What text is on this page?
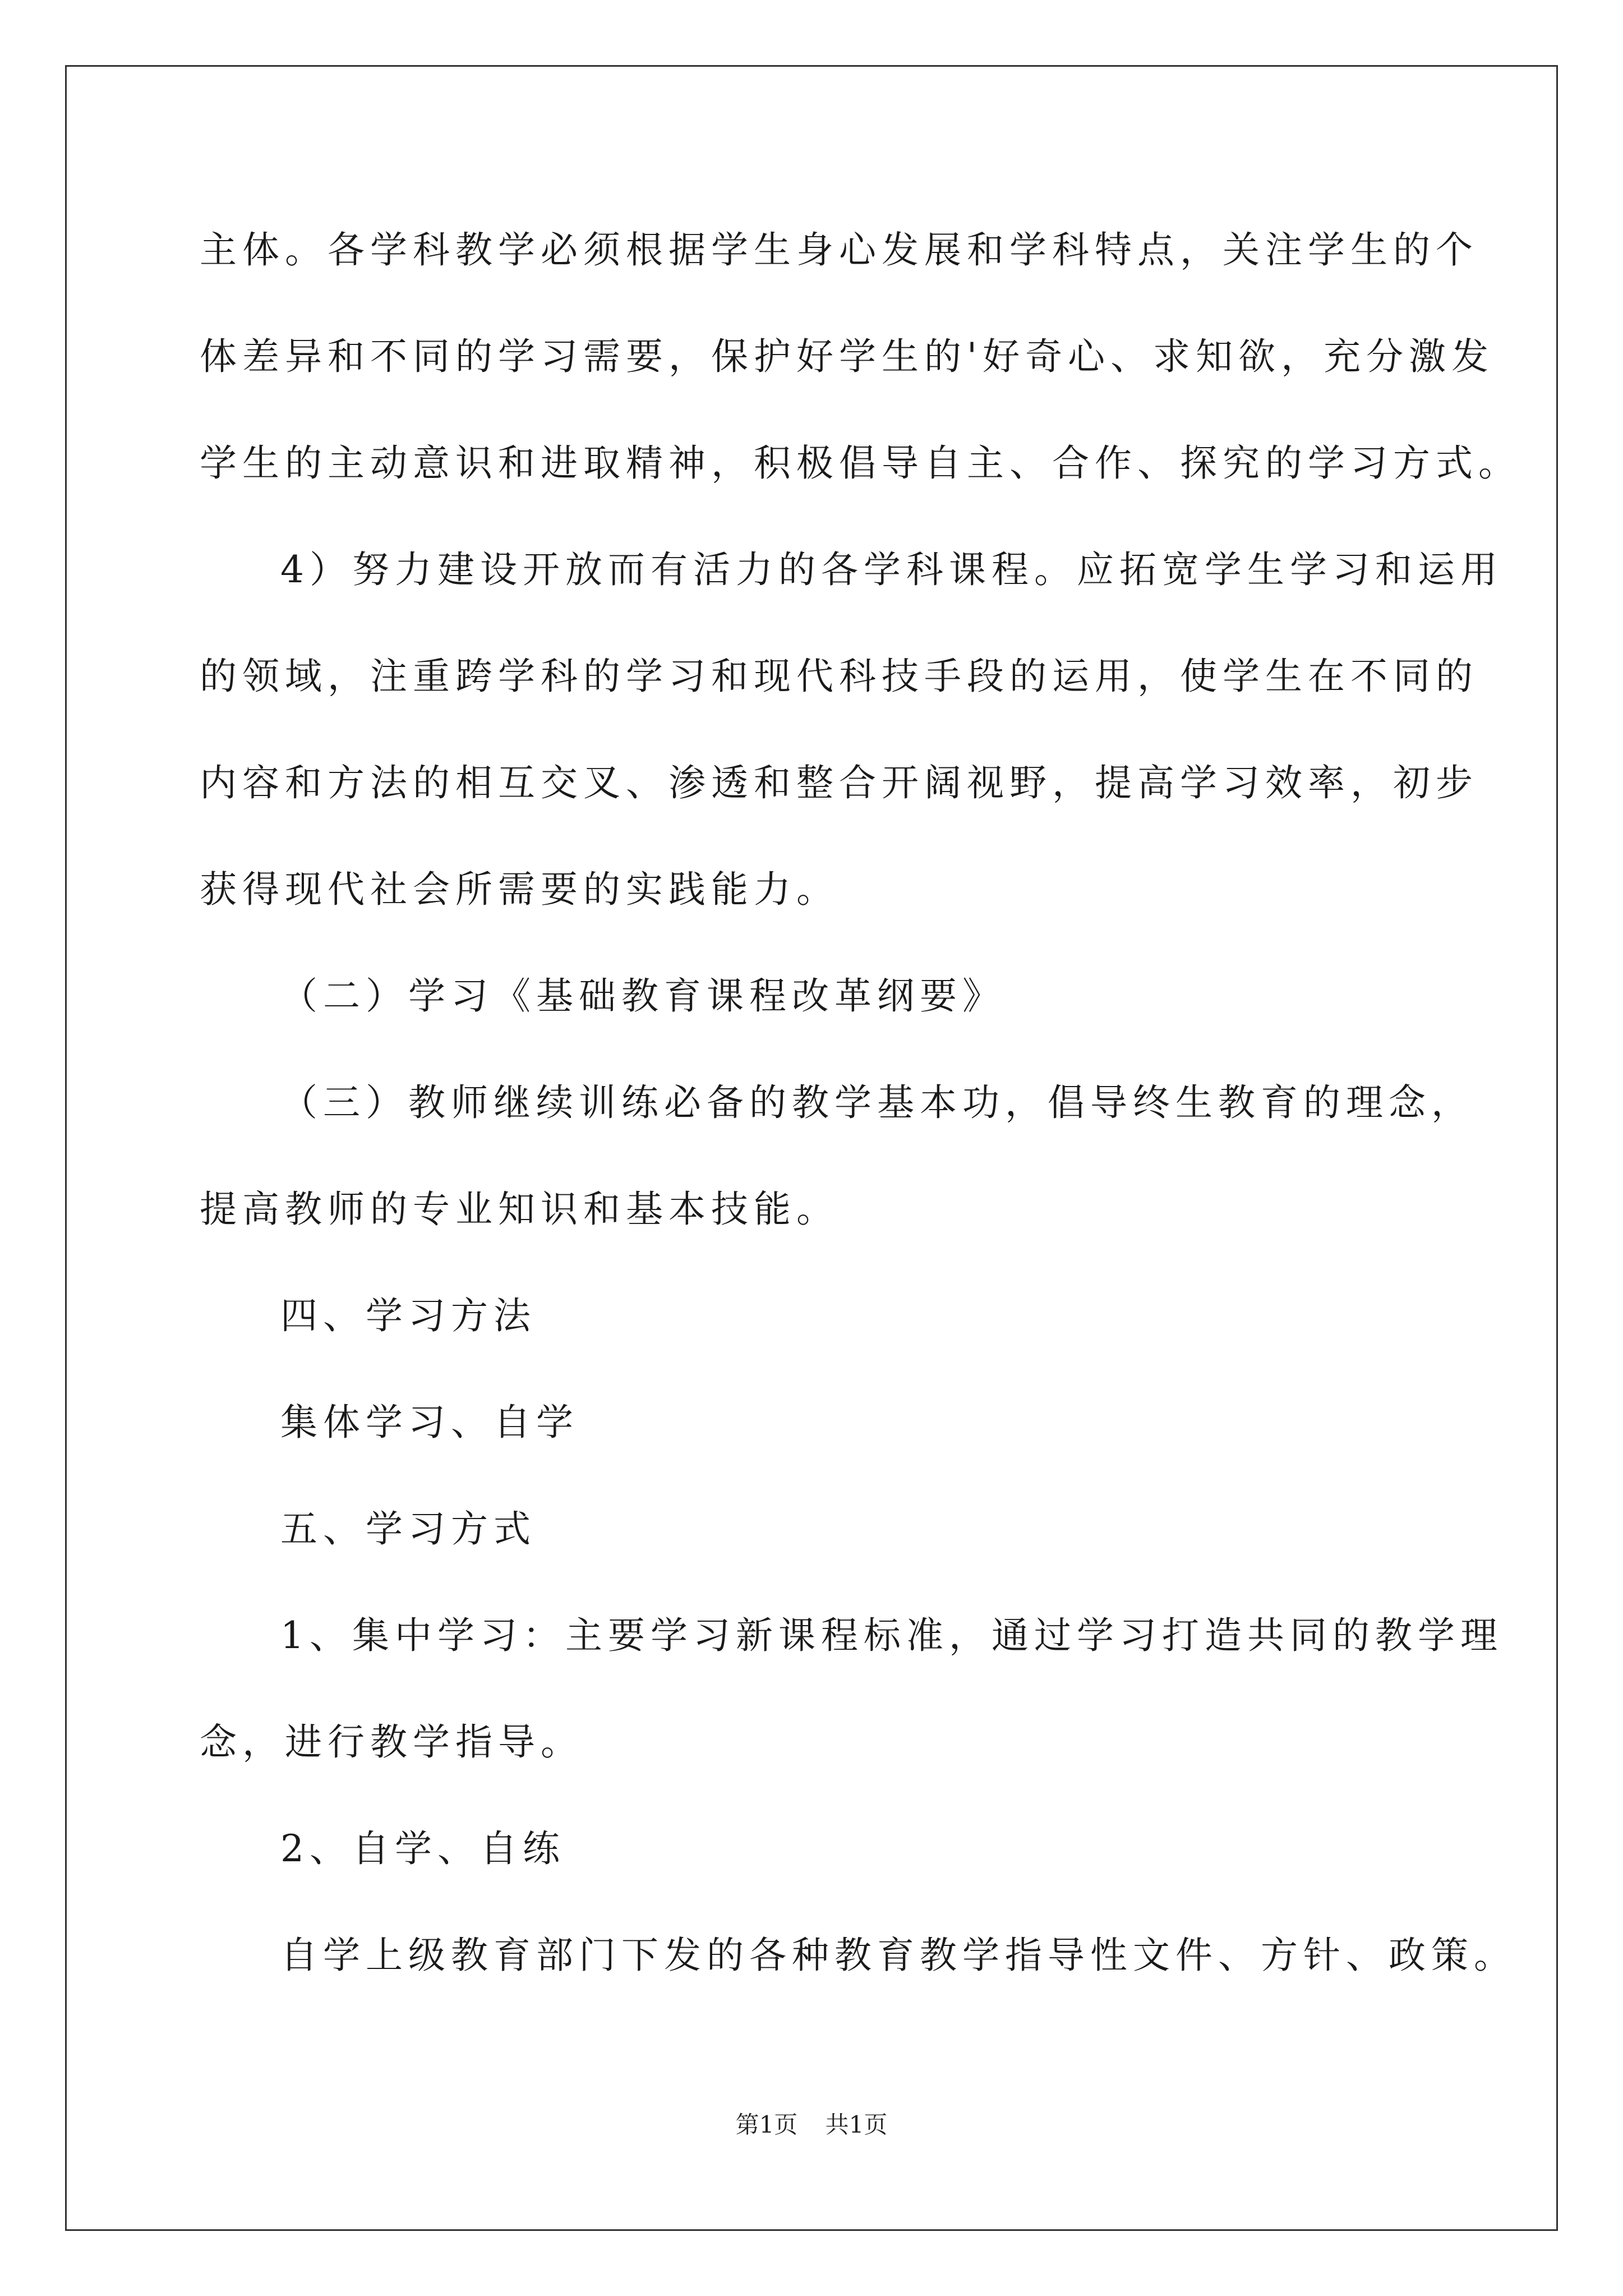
主体。各学科教学必须根据学生身心发展和学科特点，关注学生的个
体差异和不同的学习需要，保护好学生的'好奇心、求知欲，充分激发
学生的主动意识和进取精神，积极倡导自主、合作、探究的学习方式。
4）努力建设开放而有活力的各学科课程。应拓宽学生学习和运用
的领域，注重跨学科的学习和现代科技手段的运用，使学生在不同的
内容和方法的相互交叉、渗透和整合开阔视野，提高学习效率，初步
获得现代社会所需要的实践能力。
（二）学习《基础教育课程改革纲要》
（三）教师继续训练必备的教学基本功，倡导终生教育的理念，
提高教师的专业知识和基本技能。
四、学习方法
集体学习、自学
五、学习方式
1、集中学习：主要学习新课程标准，通过学习打造共同的教学理
念，进行教学指导。
2、自学、自练
自学上级教育部门下发的各种教育教学指导性文件、方针、政策。
第1页 共1页
